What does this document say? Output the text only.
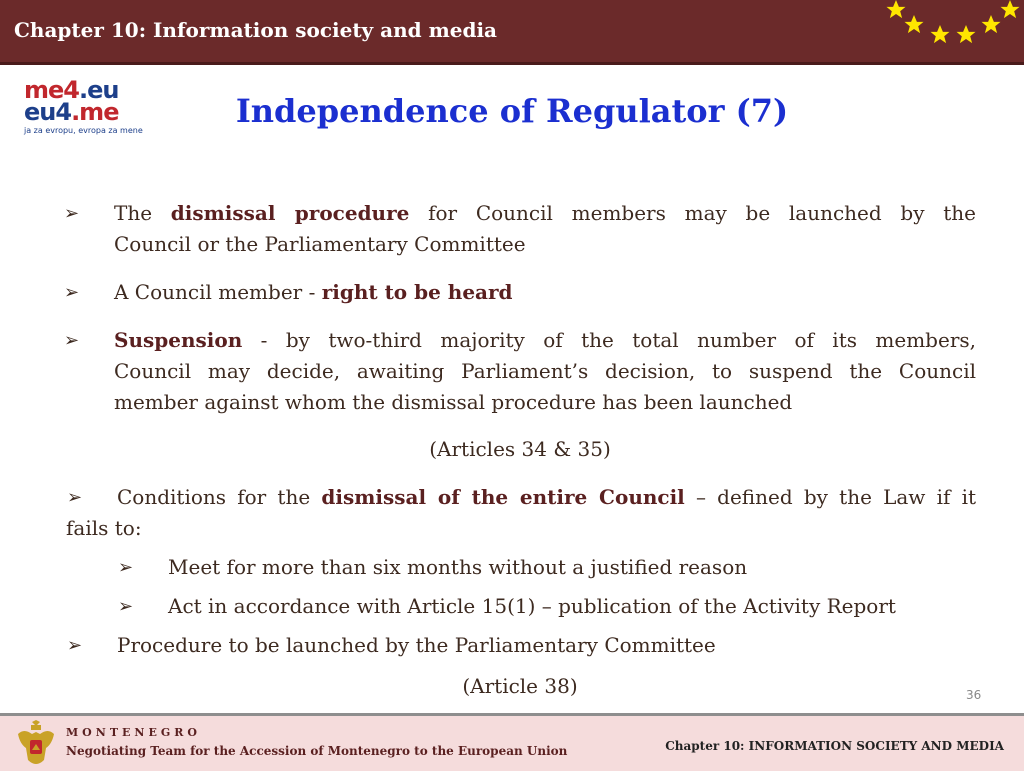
Chapter 10: Information society and media
me4.eu
eu4.me
ja za evropu, evropa za mene
Independence of Regulator (7)
➢ The dismissal procedure for Council members may be launched by the
Council or the Parliamentary Committee
➢ A Council member - right to be heard
➢ Suspension - by two-third majority of the total number of its members,
Council may decide, awaiting Parliament’s decision, to suspend the Council
member against whom the dismissal procedure has been launched
(Articles 34 & 35)
➢ Conditions for the dismissal of the entire Council – defined by the Law if it
fails to:
➢ Meet for more than six months without a justified reason
➢ Act in accordance with Article 15(1) – publication of the Activity Report
➢ Procedure to be launched by the Parliamentary Committee
(Article 38)	36
MONTENEGRO
Negotiating Team for the Accession of Montenegro to the European Union	Chapter 10: INFORMATION SOCIETY AND MEDIA
